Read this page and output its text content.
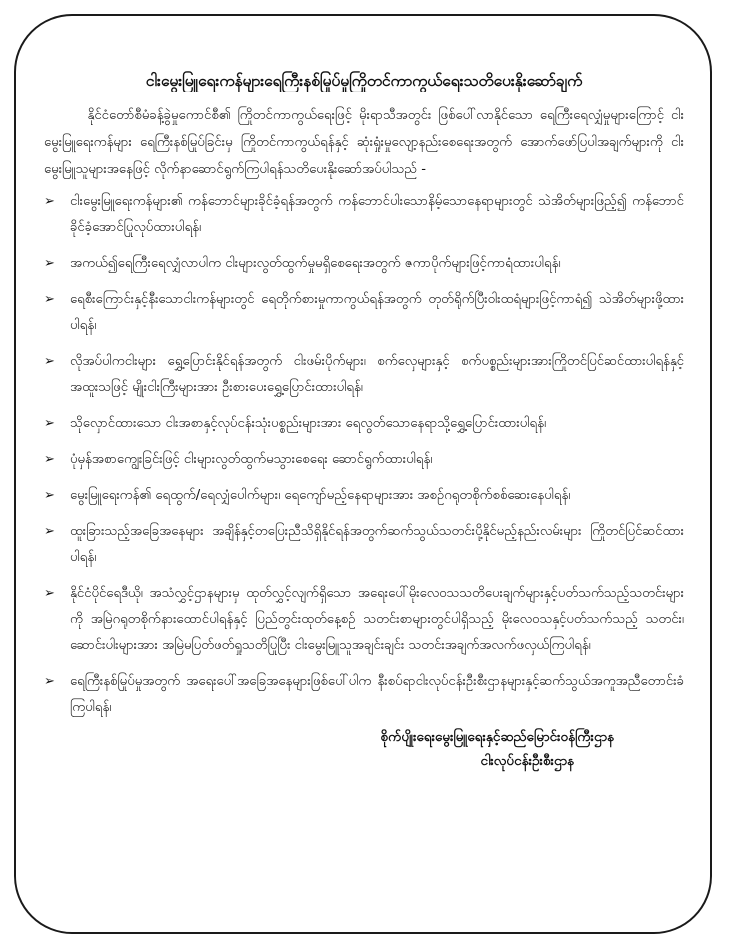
ငါးမွေးမြူရေးကန်များရေကြီးနစ်မြုပ်မှုကြိုတင်ကာကွယ်ရေးသတိပေးနိုးဆော်ချက်

နိုင်ငံတော်စီမံခန့်ခွဲမှုကောင်စီ၏ ကြိုတင်ကာကွယ်ရေးဖြင့် မိုးရာသီအတွင်း ဖြစ်ပေါ်လာနိုင်သော ရေကြီးရေလျှံမှုများကြောင့် ငါးမွေးမြူရေးကန်များ ရေကြီးနစ်မြုပ်ခြင်းမှ ကြိုတင်ကာကွယ်ရန်နှင့် ဆုံးရှုံးမှုလျော့နည်းစေရေးအတွက် အောက်ဖော်ပြပါအချက်များကို ငါးမွေးမြူသူများအနေဖြင့် လိုက်နာဆောင်ရွက်ကြပါရန်သတိပေးနိုးဆော်အပ်ပါသည် -

➢	ငါးမွေးမြူရေးကန်များ၏ ကန်ဘောင်များခိုင်ခံ့ရန်အတွက် ကန်ဘောင်ပါးသောနိမ့်သောနေရာများတွင် သဲအိတ်များဖြည့်၍ ကန်ဘောင်ခိုင်ခံ့အောင်ပြုလုပ်ထားပါရန်၊
➢	အကယ်၍ရေကြီးရေလျှံလာပါက ငါးများလွတ်ထွက်မှုမရှိစေရေးအတွက် ဇကာပိုက်များဖြင့်ကာရံထားပါရန်၊
➢	ရေစီးကြောင်းနှင့်နီးသောငါးကန်များတွင် ရေတိုက်စားမှုကာကွယ်ရန်အတွက် တုတ်ရိုက်ပြီးဝါးထရံများဖြင့်ကာရံ၍ သဲအိတ်များဖို့ထားပါရန်၊
➢	လိုအပ်ပါကငါးများ ရွှေ့ပြောင်းနိုင်ရန်အတွက် ငါးဖမ်းပိုက်များ၊ စက်လှေများနှင့် စက်ပစ္စည်းများအားကြိုတင်ပြင်ဆင်ထားပါရန်နှင့် အထူးသဖြင့် မျိုးငါးကြီးများအား ဦးစားပေးရွှေ့ပြောင်းထားပါရန်၊
➢	သိုလှောင်ထားသော ငါးအစာနှင့်လုပ်ငန်းသုံးပစ္စည်းများအား ရေလွတ်သောနေရာသို့ရွှေ့ပြောင်းထားပါရန်၊
➢	ပုံမှန်အစာကျွေးခြင်းဖြင့် ငါးများလွတ်ထွက်မသွားစေရေး ဆောင်ရွက်ထားပါရန်၊
➢	မွေးမြူရေးကန်၏ ရေထွက်/ရေလျှံပေါက်များ၊ ရေကျော်မည့်နေရာများအား အစဉ်ဂရုတစိုက်စစ်ဆေးနေပါရန်၊
➢	ထူးခြားသည့်အခြေအနေများ အချိန်နှင့်တပြေးညီသိရှိနိုင်ရန်အတွက်ဆက်သွယ်သတင်းပို့နိုင်မည့်နည်းလမ်းများ ကြိုတင်ပြင်ဆင်ထားပါရန်၊
➢	နိုင်ငံပိုင်ရေဒီယို၊ အသံလွှင့်ဌာနများမှ ထုတ်လွှင့်လျက်ရှိသော အရေးပေါ်မိုးလေဝသသတိပေးချက်များနှင့်ပတ်သက်သည့်သတင်းများကို အမြဲဂရုတစိုက်နားထောင်ပါရန်နှင့် ပြည်တွင်းထုတ်နေ့စဉ် သတင်းစာများတွင်ပါရှိသည့် မိုးလေဝသနှင့်ပတ်သက်သည့် သတင်း၊ ဆောင်းပါးများအား အမြဲမပြတ်ဖတ်ရှုသတိပြုပြီး ငါးမွေးမြူသူအချင်းချင်း သတင်းအချက်အလက်ဖလှယ်ကြပါရန်၊
➢	ရေကြီးနစ်မြုပ်မှုအတွက် အရေးပေါ်အခြေအနေများဖြစ်ပေါ်ပါက နီးစပ်ရာငါးလုပ်ငန်းဦးစီးဌာနများနှင့်ဆက်သွယ်အကူအညီတောင်းခံကြပါရန်၊
စိုက်ပျိုးရေးမွေးမြူရေးနှင့်ဆည်မြောင်းဝန်ကြီးဌာန
ငါးလုပ်ငန်းဦးစီးဌာန
